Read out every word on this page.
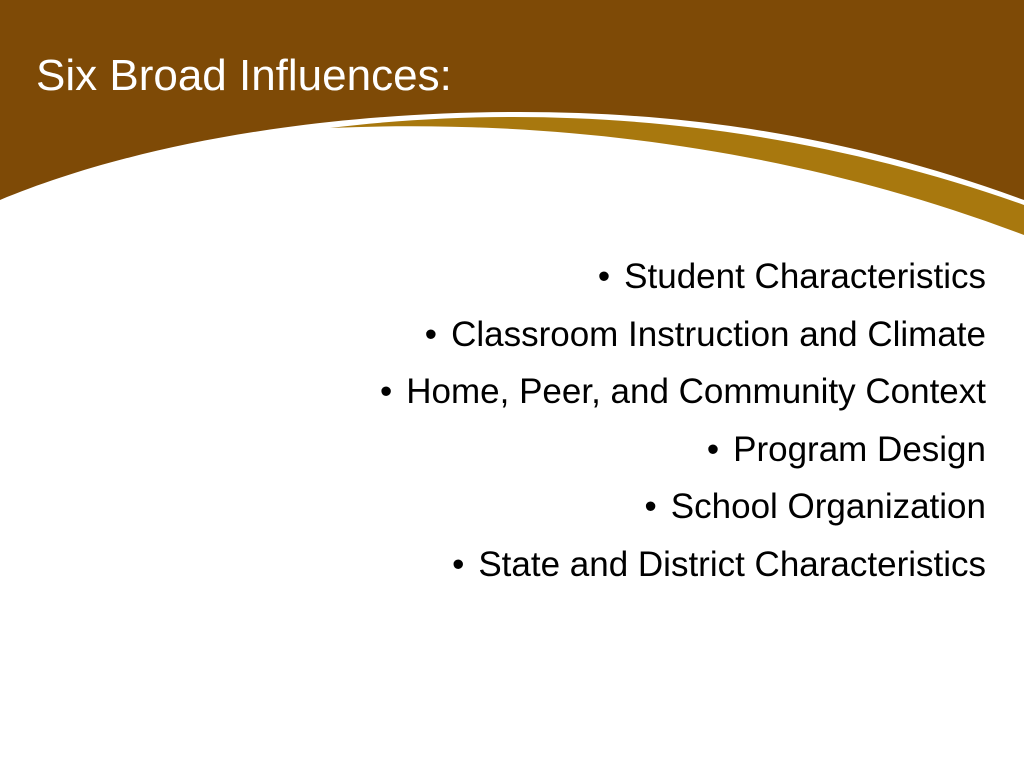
Six Broad Influences:
• Student Characteristics
• Classroom Instruction and Climate
• Home, Peer, and Community Context
• Program Design
• School Organization
• State and District Characteristics
